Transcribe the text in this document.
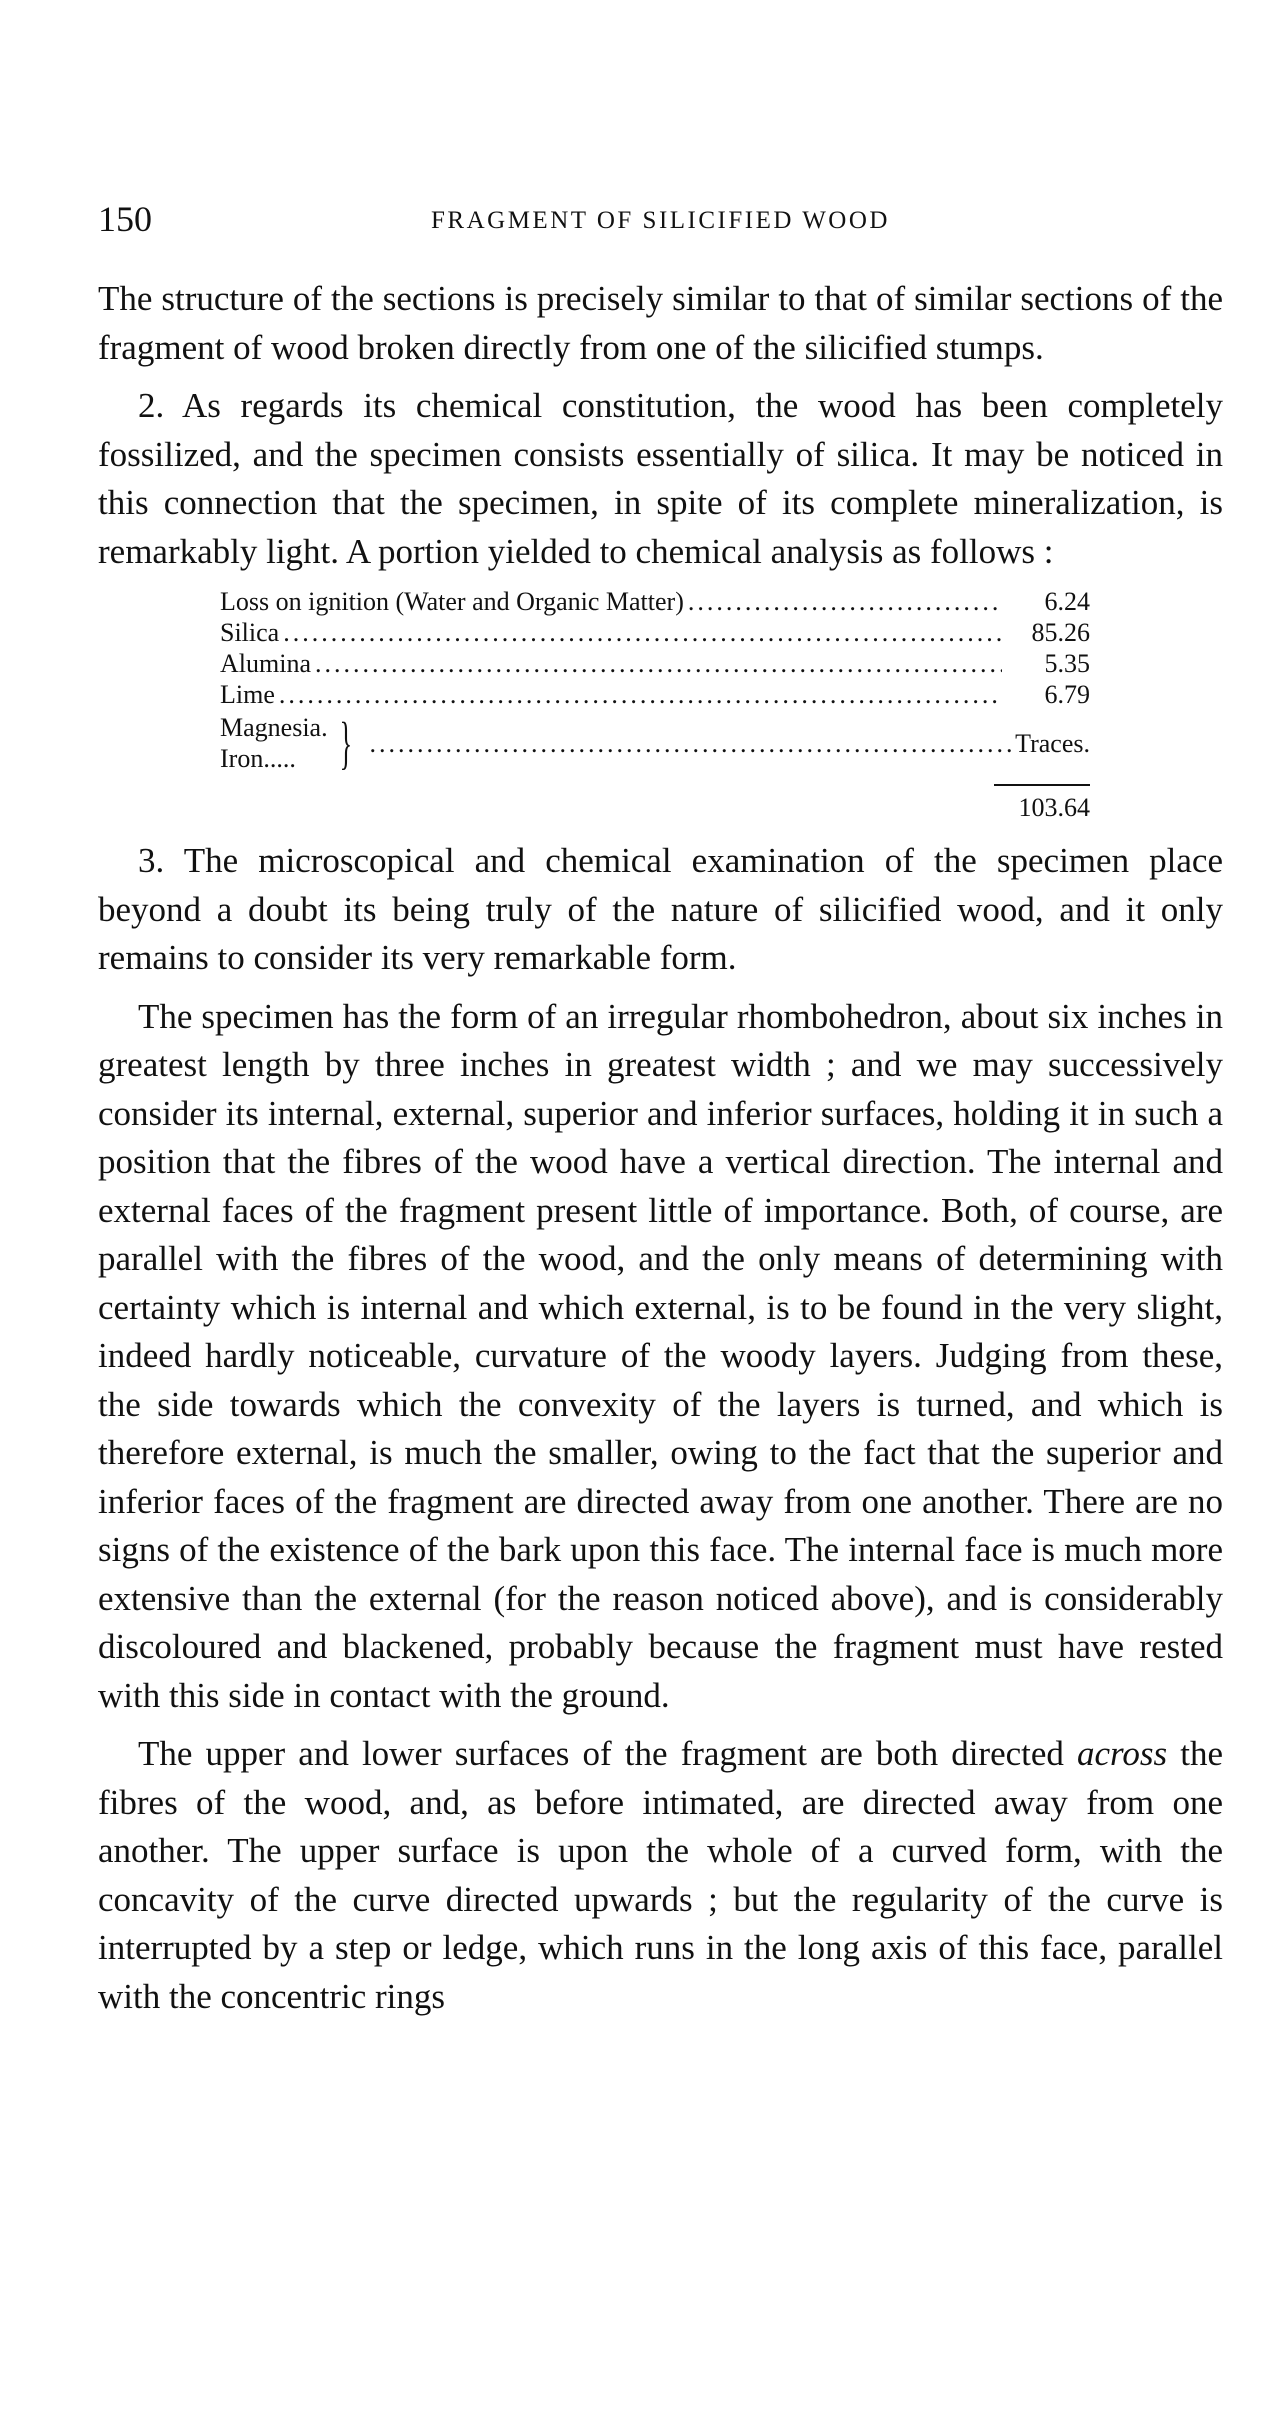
150	FRAGMENT OF SILICIFIED WOOD

The structure of the sections is precisely similar to that of similar sections of the fragment of wood broken directly from one of the silicified stumps.

2. As regards its chemical constitution, the wood has been completely fossilized, and the specimen consists essentially of silica. It may be noticed in this connection that the specimen, in spite of its complete mineralization, is remarkably light. A portion yielded to chemical analysis as follows :

Loss on ignition (Water and Organic Matter) .....	6.24
Silica .....	85.26
Alumina .....	5.35
Lime .....	6.79
Magnesia.
Iron..... } .....	Traces.
103.64

3. The microscopical and chemical examination of the specimen place beyond a doubt its being truly of the nature of silicified wood, and it only remains to consider its very remarkable form.

The specimen has the form of an irregular rhombohedron, about six inches in greatest length by three inches in greatest width ; and we may successively consider its internal, external, superior and inferior surfaces, holding it in such a position that the fibres of the wood have a vertical direction. The internal and external faces of the fragment present little of importance. Both, of course, are parallel with the fibres of the wood, and the only means of determining with certainty which is internal and which external, is to be found in the very slight, indeed hardly noticeable, curvature of the woody layers. Judging from these, the side towards which the convexity of the layers is turned, and which is therefore external, is much the smaller, owing to the fact that the superior and inferior faces of the fragment are directed away from one another. There are no signs of the existence of the bark upon this face. The internal face is much more extensive than the external (for the reason noticed above), and is considerably discoloured and blackened, probably because the fragment must have rested with this side in contact with the ground.

The upper and lower surfaces of the fragment are both directed across the fibres of the wood, and, as before intimated, are directed away from one another. The upper surface is upon the whole of a curved form, with the concavity of the curve directed upwards ; but the regularity of the curve is interrupted by a step or ledge, which runs in the long axis of this face, parallel with the concentric rings
